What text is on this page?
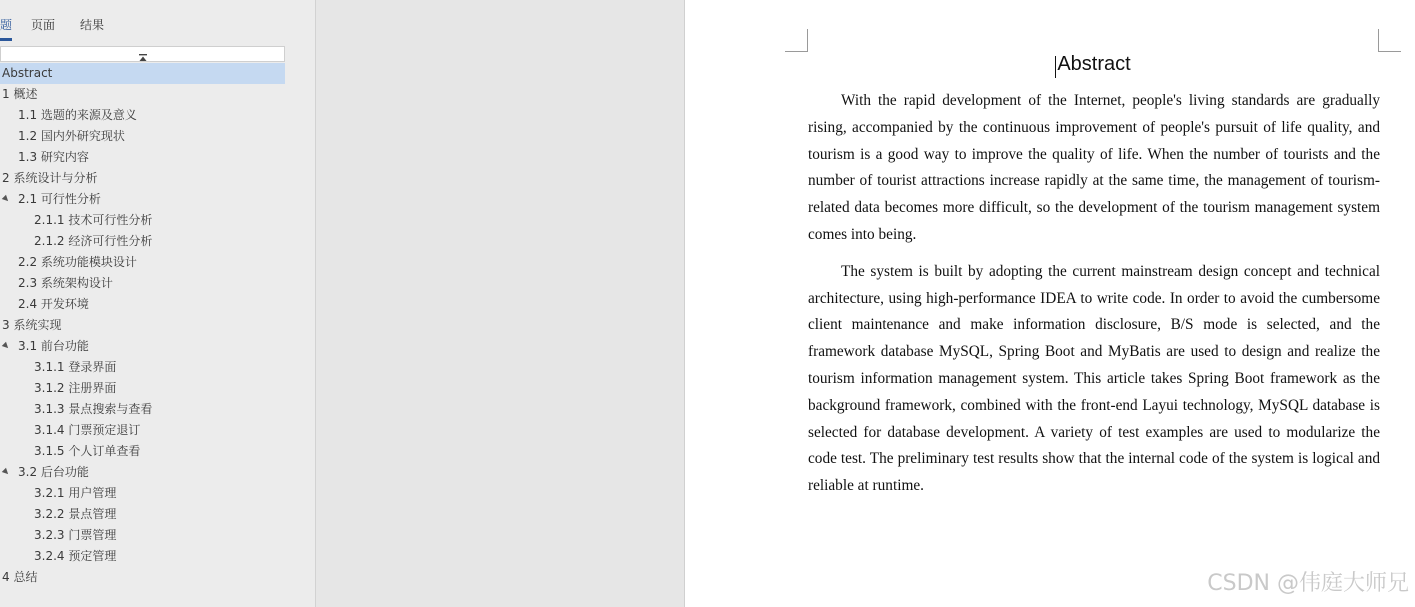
题 页面 结果
Abstract
1 概述
1.1 选题的来源及意义
1.2 国内外研究现状
1.3 研究内容
2 系统设计与分析
2.1 可行性分析
2.1.1 技术可行性分析
2.1.2 经济可行性分析
2.2 系统功能模块设计
2.3 系统架构设计
2.4 开发环境
3 系统实现
3.1 前台功能
3.1.1 登录界面
3.1.2 注册界面
3.1.3 景点搜索与查看
3.1.4 门票预定退订
3.1.5 个人订单查看
3.2 后台功能
3.2.1 用户管理
3.2.2 景点管理
3.2.3 门票管理
3.2.4 预定管理
4 总结
Abstract

With the rapid development of the Internet, people's living standards are gradually rising, accompanied by the continuous improvement of people's pursuit of life quality, and tourism is a good way to improve the quality of life. When the number of tourists and the number of tourist attractions increase rapidly at the same time, the management of tourism-related data becomes more difficult, so the development of the tourism management system comes into being.

The system is built by adopting the current mainstream design concept and technical architecture, using high-performance IDEA to write code. In order to avoid the cumbersome client maintenance and make information disclosure, B/S mode is selected, and the framework database MySQL, Spring Boot and MyBatis are used to design and realize the tourism information management system. This article takes Spring Boot framework as the background framework, combined with the front-end Layui technology, MySQL database is selected for database development. A variety of test examples are used to modularize the code test. The preliminary test results show that the internal code of the system is logical and reliable at runtime.

CSDN @伟庭大师兄
